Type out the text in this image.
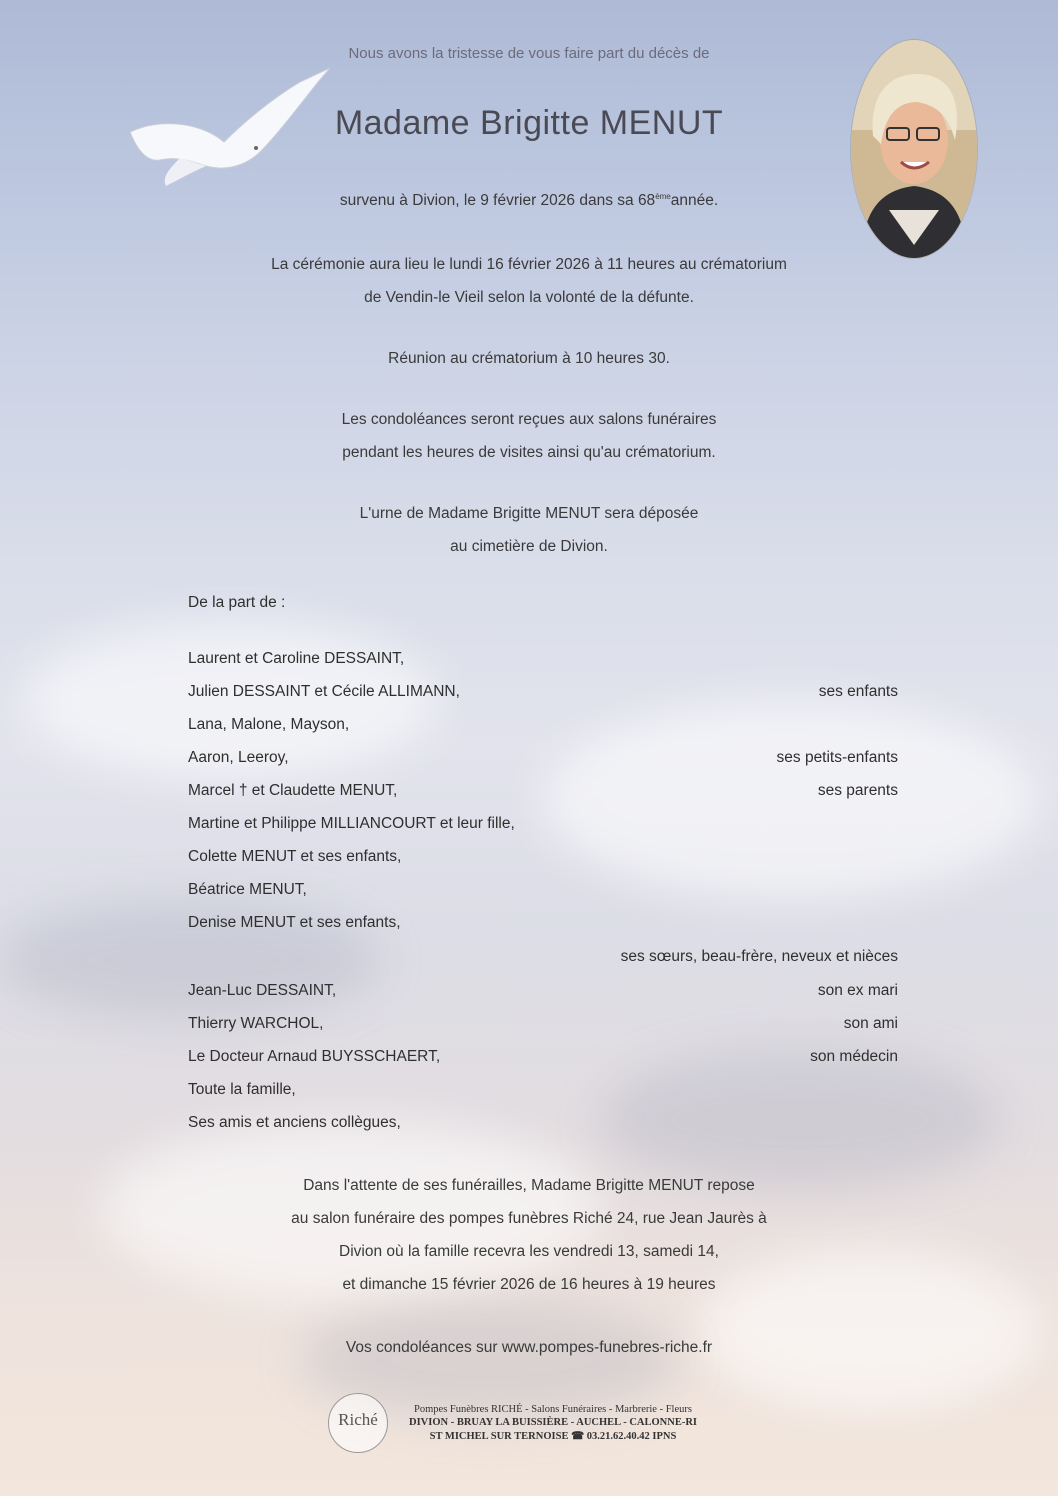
Nous avons la tristesse de vous faire part du décès de
Madame Brigitte MENUT
survenu à Divion, le 9 février 2026 dans sa 68èmeannée.
La cérémonie aura lieu le lundi 16 février 2026 à 11 heures au crématorium
de Vendin-le Vieil selon la volonté de la défunte.
Réunion au crématorium à 10 heures 30.
Les condoléances seront reçues aux salons funéraires
pendant les heures de visites ainsi qu'au crématorium.
L'urne de Madame Brigitte MENUT sera déposée
au cimetière de Divion.
De la part de :
Laurent et Caroline DESSAINT,
Julien DESSAINT et Cécile ALLIMANN,
Lana, Malone, Mayson,
Aaron, Leeroy,
Marcel † et Claudette MENUT,
Martine et Philippe MILLIANCOURT et leur fille,
Colette MENUT et ses enfants,
Béatrice MENUT,
Denise MENUT et ses enfants,
Jean-Luc DESSAINT,
Thierry WARCHOL,
Le Docteur Arnaud BUYSSCHAERT,
Toute la famille,
Ses amis et anciens collègues,
ses enfants
ses petits-enfants
ses parents
ses sœurs, beau-frère, neveux et nièces
son ex mari
son ami
son médecin
Dans l'attente de ses funérailles, Madame Brigitte MENUT repose
au salon funéraire des pompes funèbres Riché 24, rue Jean Jaurès à
Divion où la famille recevra les vendredi 13, samedi 14,
et dimanche 15 février 2026 de 16 heures à 19 heures
Vos condoléances sur www.pompes-funebres-riche.fr
Riché
Pompes Funèbres RICHÉ - Salons Funéraires - Marbrerie - Fleurs
DIVION - BRUAY LA BUISSIÈRE - AUCHEL - CALONNE-RI
ST MICHEL SUR TERNOISE ☎ 03.21.62.40.42 IPNS
